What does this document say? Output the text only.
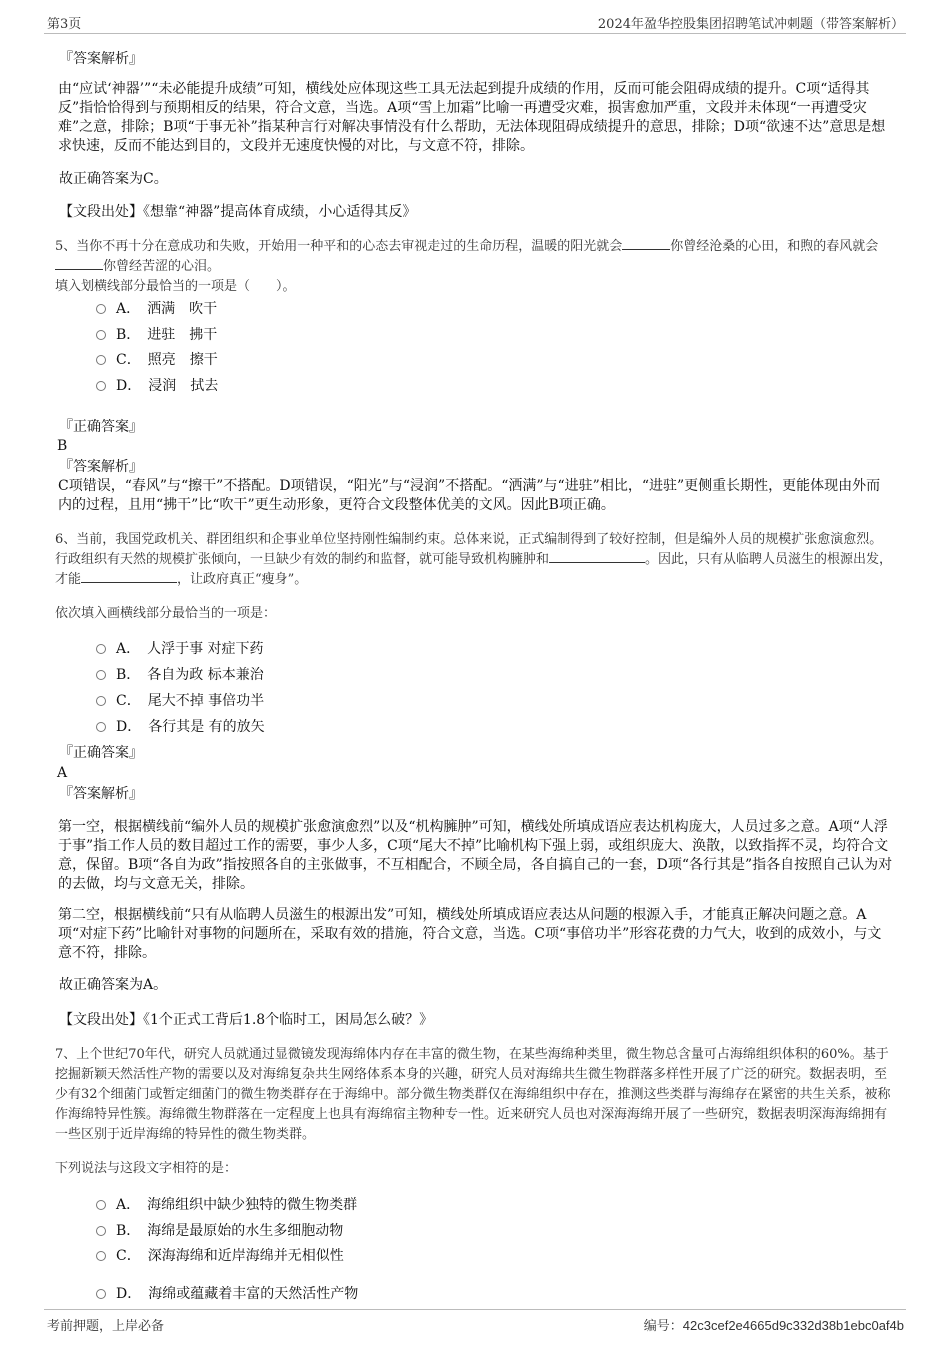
第3页	2024年盈华控股集团招聘笔试冲刺题（带答案解析）
『答案解析』
由“应试‘神器’”“未必能提升成绩”可知，横线处应体现这些工具无法起到提升成绩的作用，反而可能会阻碍成绩的提升。C项“适得其反”指恰恰得到与预期相反的结果，符合文意，当选。A项“雪上加霜”比喻一再遭受灾难，损害愈加严重，文段并未体现“一再遭受灾难”之意，排除；B项“于事无补”指某种言行对解决事情没有什么帮助，无法体现阻碍成绩提升的意思，排除；D项“欲速不达”意思是想求快速，反而不能达到目的，文段并无速度快慢的对比，与文意不符，排除。
故正确答案为C。
【文段出处】《想靠“神器”提高体育成绩，小心适得其反》
5、当你不再十分在意成功和失败，开始用一种平和的心态去审视走过的生命历程，温暖的阳光就会	你曾经沧桑的心田，和煦的春风就会你曾经苦涩的心泪。
填入划横线部分最恰当的一项是（　　）。
A．　洒满　吹干
B．　进驻　拂干
C．　照亮　擦干
D．　浸润　拭去
『正确答案』
B
『答案解析』
C项错误，“春风”与“擦干”不搭配。D项错误，“阳光”与“浸润”不搭配。“洒满”与“进驻”相比，“进驻”更侧重长期性，更能体现由外而内的过程，且用“拂干”比“吹干”更生动形象，更符合文段整体优美的文风。因此B项正确。
6、当前，我国党政机关、群团组织和企事业单位坚持刚性编制约束。总体来说，正式编制得到了较好控制，但是编外人员的规模扩张愈演愈烈。行政组织有天然的规模扩张倾向，一旦缺少有效的制约和监督，就可能导致机构臃肿和	。因此，只有从临聘人员滋生的根源出发，才能	，让政府真正“瘦身”。
依次填入画横线部分最恰当的一项是：
A．　人浮于事 对症下药
B．　各自为政 标本兼治
C．　尾大不掉 事倍功半
D．　各行其是 有的放矢
『正确答案』
A
『答案解析』
第一空，根据横线前“编外人员的规模扩张愈演愈烈”以及“机构臃肿”可知，横线处所填成语应表达机构庞大，人员过多之意。A项“人浮于事”指工作人员的数目超过工作的需要，事少人多，C项“尾大不掉”比喻机构下强上弱，或组织庞大、涣散，以致指挥不灵，均符合文意，保留。B项“各自为政”指按照各自的主张做事，不互相配合，不顾全局，各自搞自己的一套，D项“各行其是”指各自按照自己认为对的去做，均与文意无关，排除。
第二空，根据横线前“只有从临聘人员滋生的根源出发”可知，横线处所填成语应表达从问题的根源入手，才能真正解决问题之意。A项“对症下药”比喻针对事物的问题所在，采取有效的措施，符合文意，当选。C项“事倍功半”形容花费的力气大，收到的成效小，与文意不符，排除。
故正确答案为A。
【文段出处】《1个正式工背后1.8个临时工，困局怎么破？》
7、上个世纪70年代，研究人员就通过显微镜发现海绵体内存在丰富的微生物，在某些海绵种类里，微生物总含量可占海绵组织体积的60%。基于挖掘新颖天然活性产物的需要以及对海绵复杂共生网络体系本身的兴趣，研究人员对海绵共生微生物群落多样性开展了广泛的研究。数据表明，至少有32个细菌门或暂定细菌门的微生物类群存在于海绵中。部分微生物类群仅在海绵组织中存在，推测这些类群与海绵存在紧密的共生关系，被称作海绵特异性簇。海绵微生物群落在一定程度上也具有海绵宿主物种专一性。近来研究人员也对深海海绵开展了一些研究，数据表明深海海绵拥有一些区别于近岸海绵的特异性的微生物类群。
下列说法与这段文字相符的是：
A．　海绵组织中缺少独特的微生物类群
B．　海绵是最原始的水生多细胞动物
C．　深海海绵和近岸海绵并无相似性
D．　海绵或蕴藏着丰富的天然活性产物
考前押题，上岸必备	编号：42c3cef2e4665d9c332d38b1ebc0af4b
